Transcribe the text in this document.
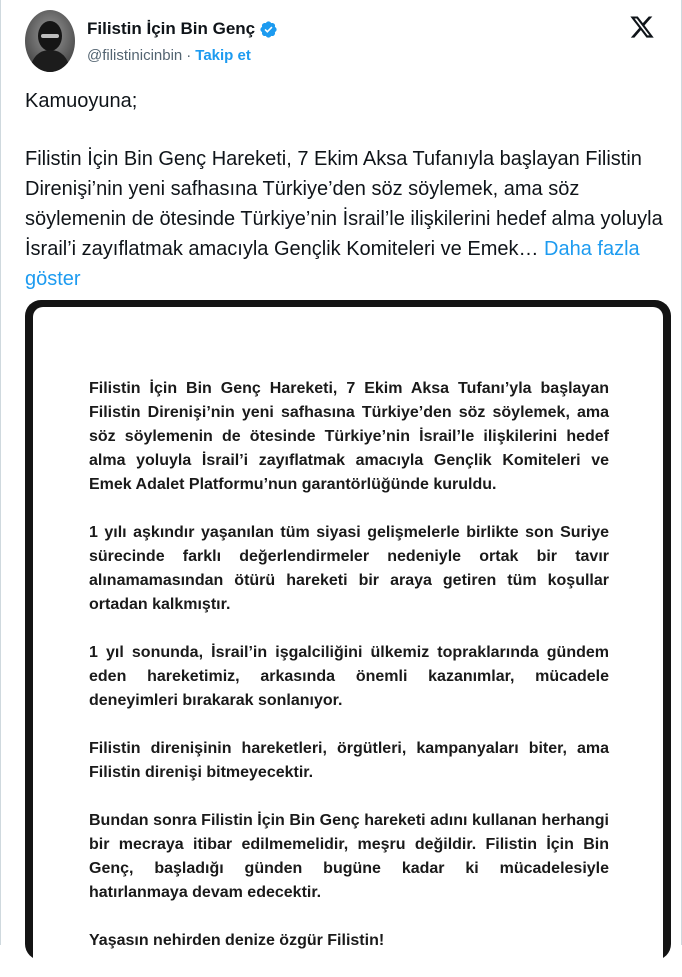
Filistin İçin Bin Genç
@filistinicinbin · Takip et

Kamuoyuna;

Filistin İçin Bin Genç Hareketi, 7 Ekim Aksa Tufanıyla başlayan Filistin Direnişi’nin yeni safhasına Türkiye’den söz söylemek, ama söz söylemenin de ötesinde Türkiye’nin İsrail’le ilişkilerini hedef alma yoluyla İsrail’i zayıflatmak amacıyla Gençlik Komiteleri ve Emek… Daha fazla göster

Filistin İçin Bin Genç Hareketi, 7 Ekim Aksa Tufanı’yla başlayan Filistin Direnişi’nin yeni safhasına Türkiye’den söz söylemek, ama söz söylemenin de ötesinde Türkiye’nin İsrail’le ilişkilerini hedef alma yoluyla İsrail’i zayıflatmak amacıyla Gençlik Komiteleri ve Emek Adalet Platformu’nun garantörlüğünde kuruldu.

1 yılı aşkındır yaşanılan tüm siyasi gelişmelerle birlikte son Suriye sürecinde farklı değerlendirmeler nedeniyle ortak bir tavır alınamamasından ötürü hareketi bir araya getiren tüm koşullar ortadan kalkmıştır.

1 yıl sonunda, İsrail’in işgalciliğini ülkemiz topraklarında gündem eden hareketimiz, arkasında önemli kazanımlar, mücadele deneyimleri bırakarak sonlanıyor.

Filistin direnişinin hareketleri, örgütleri, kampanyaları biter, ama Filistin direnişi bitmeyecektir.

Bundan sonra Filistin İçin Bin Genç hareketi adını kullanan herhangi bir mecraya itibar edilmemelidir, meşru değildir. Filistin İçin Bin Genç, başladığı günden bugüne kadar ki mücadelesiyle hatırlanmaya devam edecektir.

Yaşasın nehirden denize özgür Filistin!
